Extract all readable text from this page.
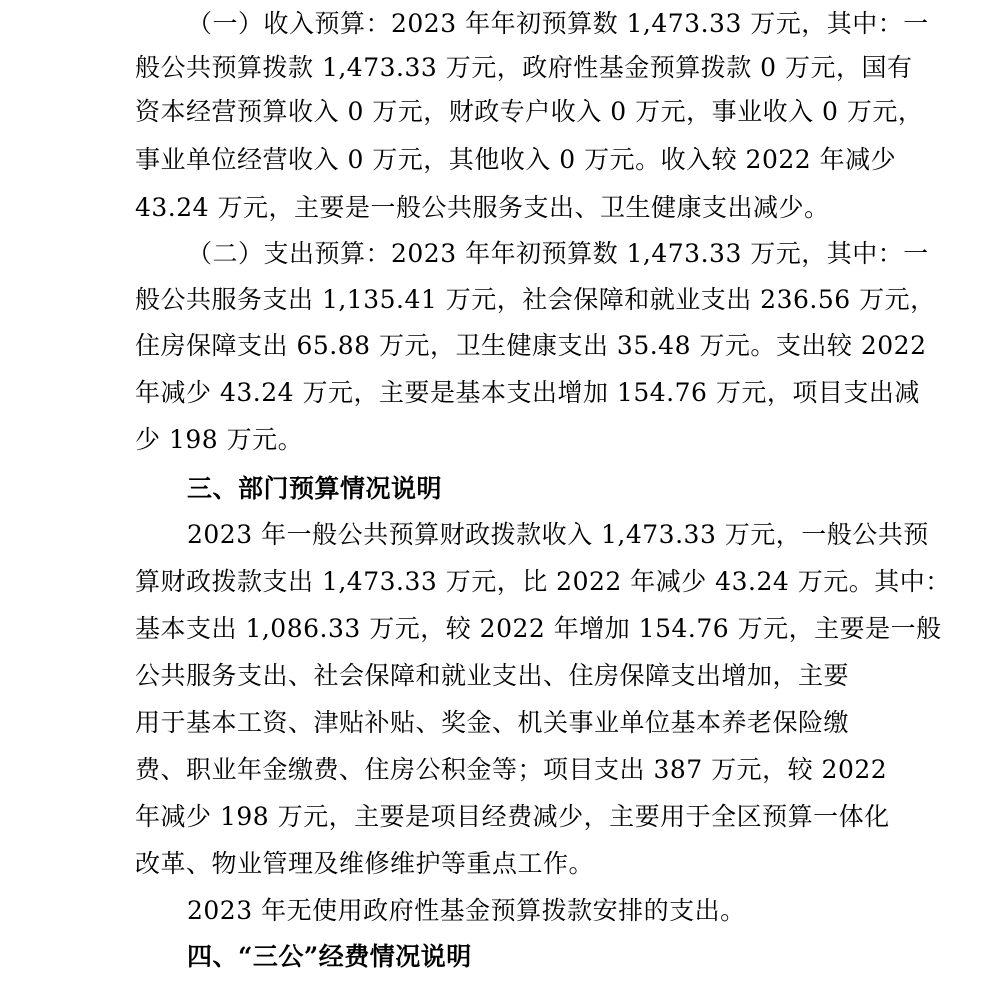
（一）收入预算：2023 年年初预算数 1,473.33 万元，其中：一
般公共预算拨款 1,473.33 万元，政府性基金预算拨款 0 万元，国有
资本经营预算收入 0 万元，财政专户收入 0 万元，事业收入 0 万元，
事业单位经营收入 0 万元，其他收入 0 万元。收入较 2022 年减少
43.24 万元，主要是一般公共服务支出、卫生健康支出减少。
（二）支出预算：2023 年年初预算数 1,473.33 万元，其中：一
般公共服务支出 1,135.41 万元，社会保障和就业支出 236.56 万元，
住房保障支出 65.88 万元，卫生健康支出 35.48 万元。支出较 2022
年减少 43.24 万元，主要是基本支出增加 154.76 万元，项目支出减
少 198 万元。
三、部门预算情况说明
2023 年一般公共预算财政拨款收入 1,473.33 万元，一般公共预
算财政拨款支出 1,473.33 万元，比 2022 年减少 43.24 万元。其中：
基本支出 1,086.33 万元，较 2022 年增加 154.76 万元，主要是一般
公共服务支出、社会保障和就业支出、住房保障支出增加，主要
用于基本工资、津贴补贴、奖金、机关事业单位基本养老保险缴
费、职业年金缴费、住房公积金等；项目支出 387 万元，较 2022
年减少 198 万元，主要是项目经费减少，主要用于全区预算一体化
改革、物业管理及维修维护等重点工作。
2023 年无使用政府性基金预算拨款安排的支出。
四、“三公”经费情况说明
